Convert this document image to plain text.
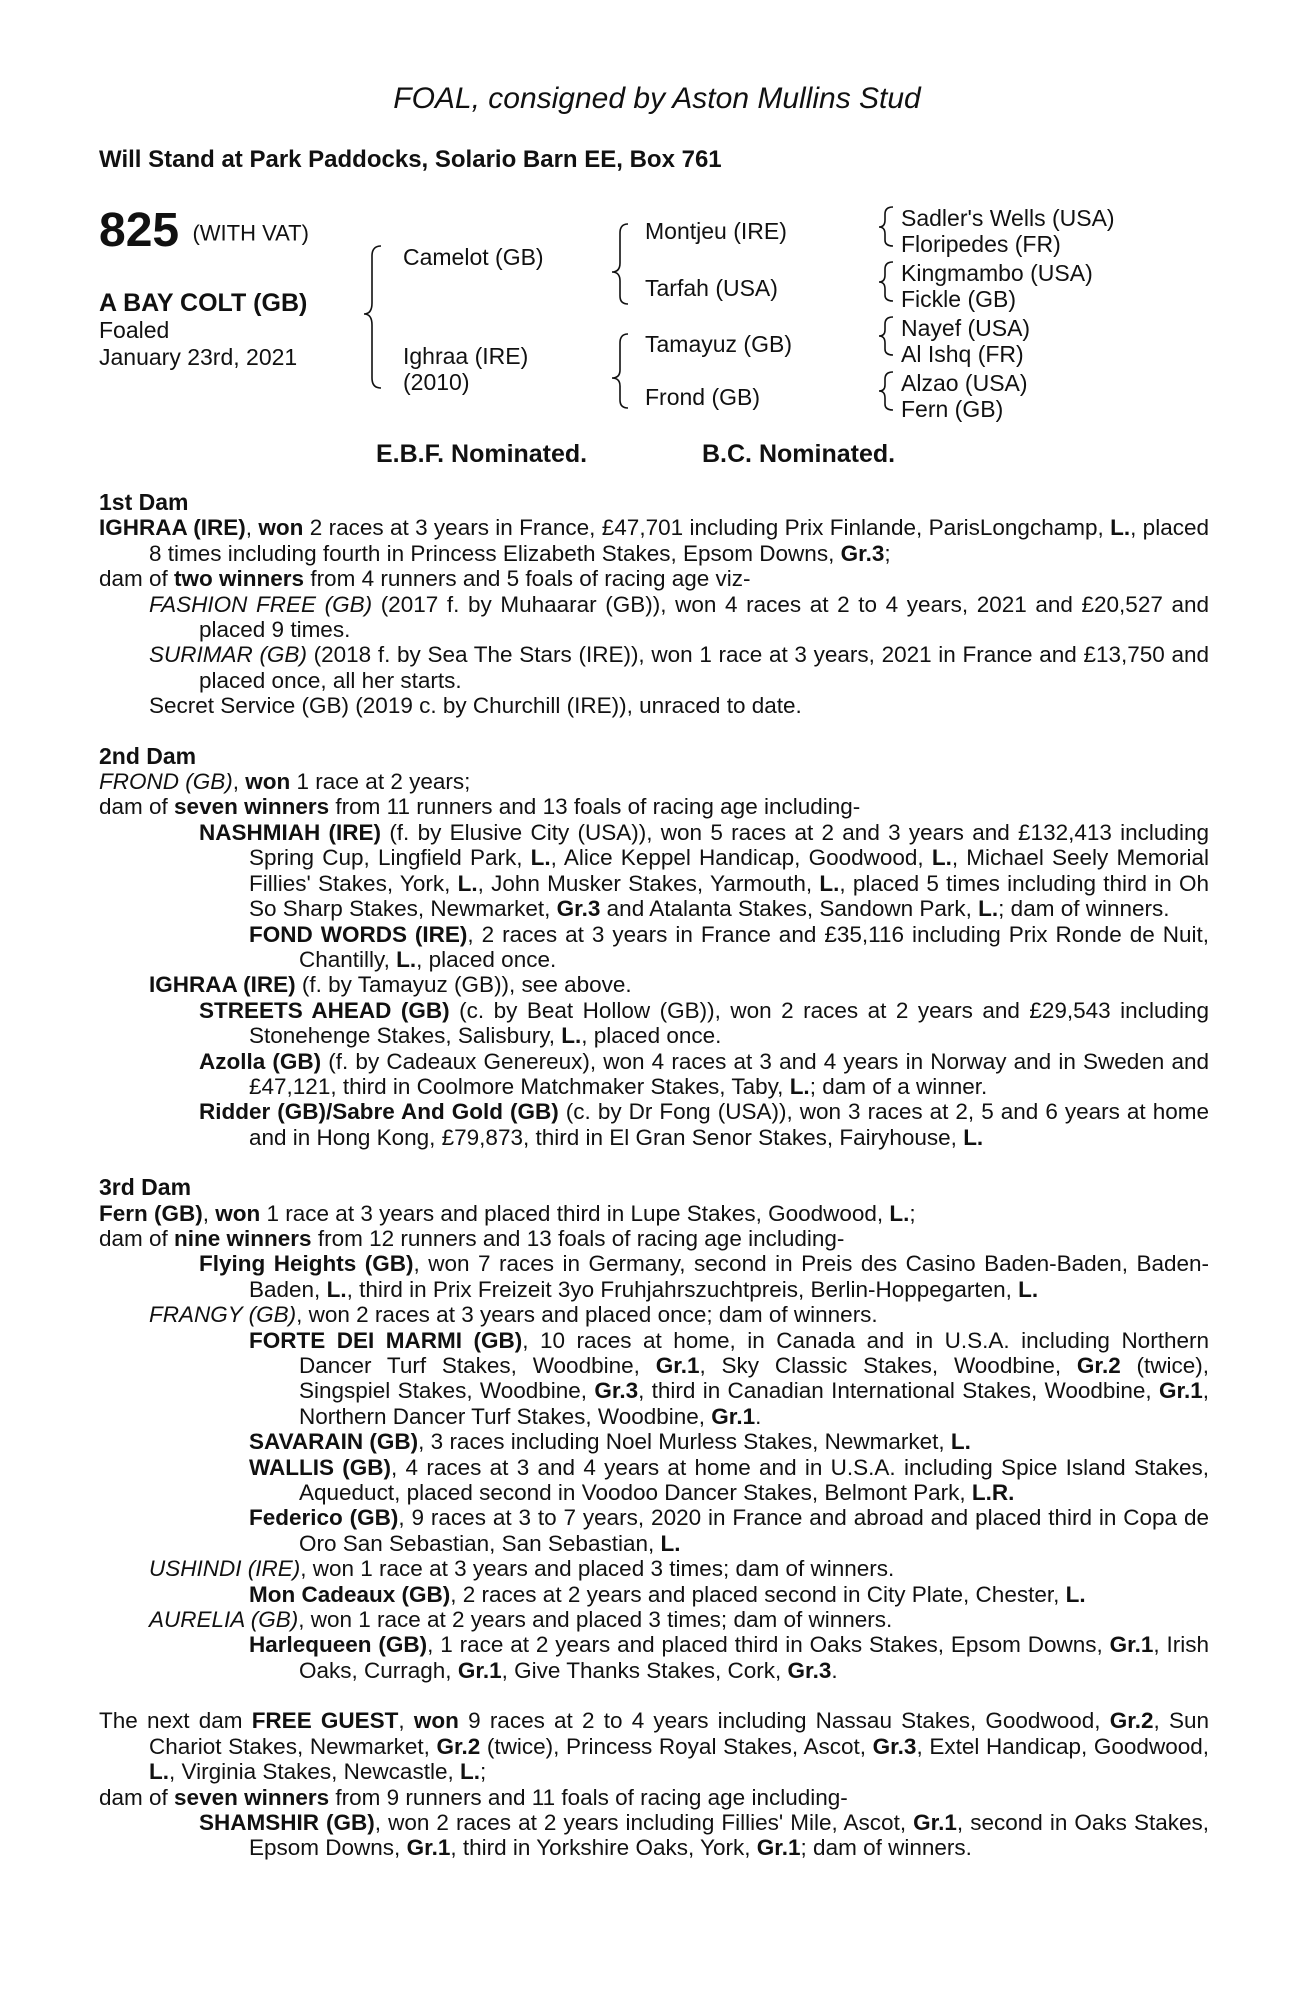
FOAL, consigned by Aston Mullins Stud
Will Stand at Park Paddocks, Solario Barn EE, Box 761
825 (WITH VAT)
A BAY COLT (GB)
Foaled
January 23rd, 2021
Camelot (GB)
Ighraa (IRE)
(2010)
Montjeu (IRE)
Tarfah (USA)
Tamayuz (GB)
Frond (GB)
Sadler's Wells (USA)
Floripedes (FR)
Kingmambo (USA)
Fickle (GB)
Nayef (USA)
Al Ishq (FR)
Alzao (USA)
Fern (GB)
E.B.F. Nominated.	B.C. Nominated.
1st Dam
IGHRAA (IRE), won 2 races at 3 years in France, £47,701 including Prix Finlande, ParisLongchamp, L., placed 8 times including fourth in Princess Elizabeth Stakes, Epsom Downs, Gr.3;
dam of two winners from 4 runners and 5 foals of racing age viz-
FASHION FREE (GB) (2017 f. by Muhaarar (GB)), won 4 races at 2 to 4 years, 2021 and £20,527 and placed 9 times.
SURIMAR (GB) (2018 f. by Sea The Stars (IRE)), won 1 race at 3 years, 2021 in France and £13,750 and placed once, all her starts.
Secret Service (GB) (2019 c. by Churchill (IRE)), unraced to date.
2nd Dam
FROND (GB), won 1 race at 2 years;
dam of seven winners from 11 runners and 13 foals of racing age including-
NASHMIAH (IRE) (f. by Elusive City (USA)), won 5 races at 2 and 3 years and £132,413 including Spring Cup, Lingfield Park, L., Alice Keppel Handicap, Goodwood, L., Michael Seely Memorial Fillies' Stakes, York, L., John Musker Stakes, Yarmouth, L., placed 5 times including third in Oh So Sharp Stakes, Newmarket, Gr.3 and Atalanta Stakes, Sandown Park, L.; dam of winners.
FOND WORDS (IRE), 2 races at 3 years in France and £35,116 including Prix Ronde de Nuit, Chantilly, L., placed once.
IGHRAA (IRE) (f. by Tamayuz (GB)), see above.
STREETS AHEAD (GB) (c. by Beat Hollow (GB)), won 2 races at 2 years and £29,543 including Stonehenge Stakes, Salisbury, L., placed once.
Azolla (GB) (f. by Cadeaux Genereux), won 4 races at 3 and 4 years in Norway and in Sweden and £47,121, third in Coolmore Matchmaker Stakes, Taby, L.; dam of a winner.
Ridder (GB)/Sabre And Gold (GB) (c. by Dr Fong (USA)), won 3 races at 2, 5 and 6 years at home and in Hong Kong, £79,873, third in El Gran Senor Stakes, Fairyhouse, L.
3rd Dam
Fern (GB), won 1 race at 3 years and placed third in Lupe Stakes, Goodwood, L.;
dam of nine winners from 12 runners and 13 foals of racing age including-
Flying Heights (GB), won 7 races in Germany, second in Preis des Casino Baden-Baden, Baden-Baden, L., third in Prix Freizeit 3yo Fruhjahrszuchtpreis, Berlin-Hoppegarten, L.
FRANGY (GB), won 2 races at 3 years and placed once; dam of winners.
FORTE DEI MARMI (GB), 10 races at home, in Canada and in U.S.A. including Northern Dancer Turf Stakes, Woodbine, Gr.1, Sky Classic Stakes, Woodbine, Gr.2 (twice), Singspiel Stakes, Woodbine, Gr.3, third in Canadian International Stakes, Woodbine, Gr.1, Northern Dancer Turf Stakes, Woodbine, Gr.1.
SAVARAIN (GB), 3 races including Noel Murless Stakes, Newmarket, L.
WALLIS (GB), 4 races at 3 and 4 years at home and in U.S.A. including Spice Island Stakes, Aqueduct, placed second in Voodoo Dancer Stakes, Belmont Park, L.R.
Federico (GB), 9 races at 3 to 7 years, 2020 in France and abroad and placed third in Copa de Oro San Sebastian, San Sebastian, L.
USHINDI (IRE), won 1 race at 3 years and placed 3 times; dam of winners.
Mon Cadeaux (GB), 2 races at 2 years and placed second in City Plate, Chester, L.
AURELIA (GB), won 1 race at 2 years and placed 3 times; dam of winners.
Harlequeen (GB), 1 race at 2 years and placed third in Oaks Stakes, Epsom Downs, Gr.1, Irish Oaks, Curragh, Gr.1, Give Thanks Stakes, Cork, Gr.3.
The next dam FREE GUEST, won 9 races at 2 to 4 years including Nassau Stakes, Goodwood, Gr.2, Sun Chariot Stakes, Newmarket, Gr.2 (twice), Princess Royal Stakes, Ascot, Gr.3, Extel Handicap, Goodwood, L., Virginia Stakes, Newcastle, L.;
dam of seven winners from 9 runners and 11 foals of racing age including-
SHAMSHIR (GB), won 2 races at 2 years including Fillies' Mile, Ascot, Gr.1, second in Oaks Stakes, Epsom Downs, Gr.1, third in Yorkshire Oaks, York, Gr.1; dam of winners.
